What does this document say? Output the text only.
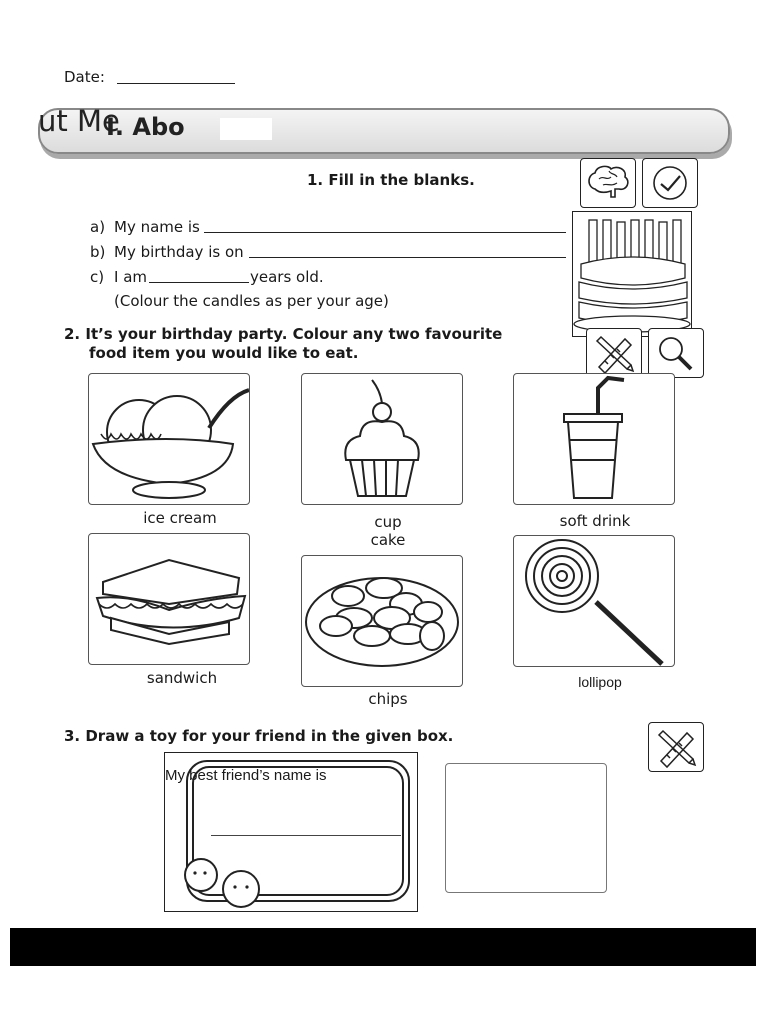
Date:
ut Me
I. Abo
1. Fill in the blanks.
a) My name is
b) My birthday is on
c) I am	years old.
(Colour the candles as per your age)
2. It’s your birthday party. Colour any two favourite
food item you would like to eat.
ice cream	cup
cake
soft drink
sandwich
chips
lollipop
3. Draw a toy for your friend in the given box.
My best friend’s name is
